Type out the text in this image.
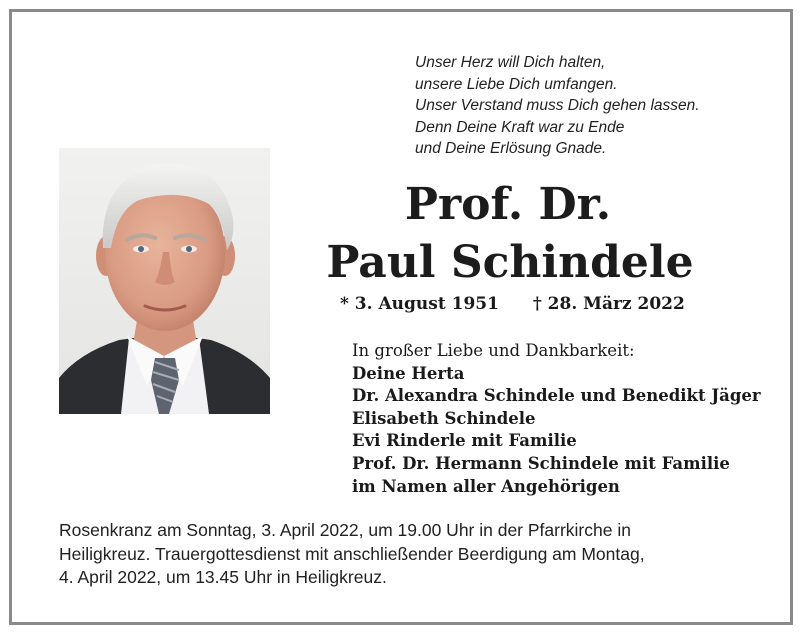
Unser Herz will Dich halten,
unsere Liebe Dich umfangen.
Unser Verstand muss Dich gehen lassen.
Denn Deine Kraft war zu Ende
und Deine Erlösung Gnade.
Prof. Dr.
Paul Schindele
* 3. August 1951 † 28. März 2022
In großer Liebe und Dankbarkeit:
Deine Herta
Dr. Alexandra Schindele und Benedikt Jäger
Elisabeth Schindele
Evi Rinderle mit Familie
Prof. Dr. Hermann Schindele mit Familie
im Namen aller Angehörigen
Rosenkranz am Sonntag, 3. April 2022, um 19.00 Uhr in der Pfarrkirche in
Heiligkreuz. Trauergottesdienst mit anschließender Beerdigung am Montag,
4. April 2022, um 13.45 Uhr in Heiligkreuz.
